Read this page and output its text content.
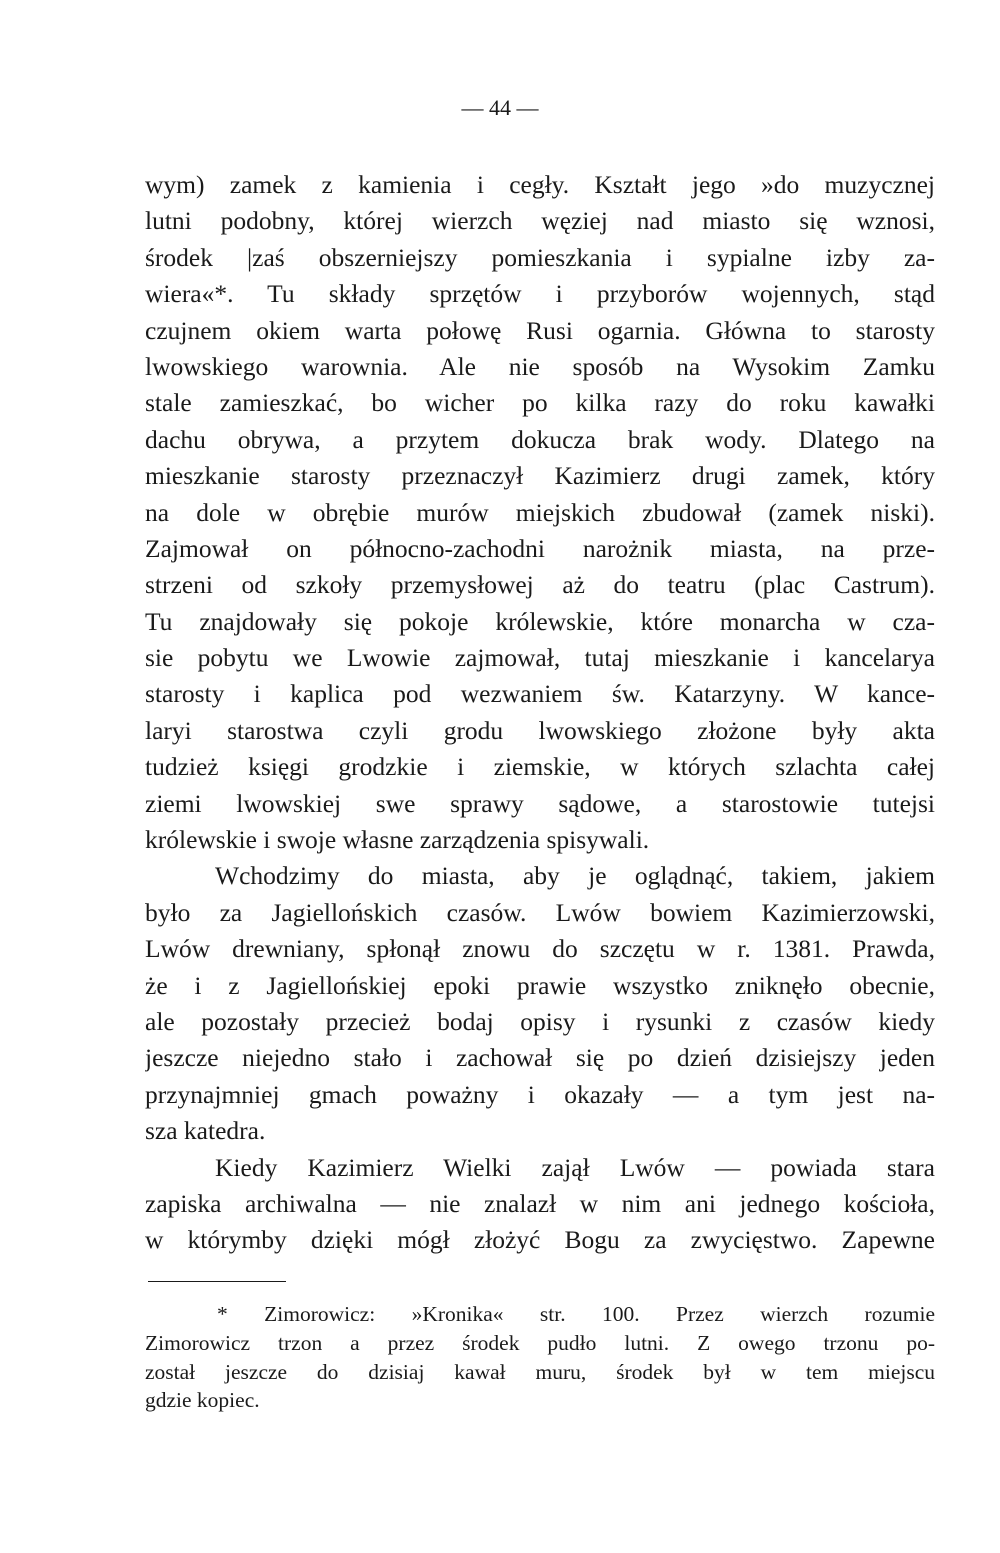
— 44 —
wym) zamek z kamienia i cegły. Kształt jego »do muzycznej
lutni podobny, której wierzch węziej nad miasto się wznosi,
środek |zaś obszerniejszy pomieszkania i sypialne izby za-
wiera«*. Tu składy sprzętów i przyborów wojennych, stąd
czujnem okiem warta połowę Rusi ogarnia. Główna to starosty
lwowskiego warownia. Ale nie sposób na Wysokim Zamku
stale zamieszkać, bo wicher po kilka razy do roku kawałki
dachu obrywa, a przytem dokucza brak wody. Dlatego na
mieszkanie starosty przeznaczył Kazimierz drugi zamek, który
na dole w obrębie murów miejskich zbudował (zamek niski).
Zajmował on północno-zachodni narożnik miasta, na prze-
strzeni od szkoły przemysłowej aż do teatru (plac Castrum).
Tu znajdowały się pokoje królewskie, które monarcha w cza-
sie pobytu we Lwowie zajmował, tutaj mieszkanie i kancelarya
starosty i kaplica pod wezwaniem św. Katarzyny. W kance-
laryi starostwa czyli grodu lwowskiego złożone były akta
tudzież księgi grodzkie i ziemskie, w których szlachta całej
ziemi lwowskiej swe sprawy sądowe, a starostowie tutejsi
królewskie i swoje własne zarządzenia spisywali.
Wchodzimy do miasta, aby je oglądnąć, takiem, jakiem
było za Jagiellońskich czasów. Lwów bowiem Kazimierzowski,
Lwów drewniany, spłonął znowu do szczętu w r. 1381. Prawda,
że i z Jagiellońskiej epoki prawie wszystko zniknęło obecnie,
ale pozostały przecież bodaj opisy i rysunki z czasów kiedy
jeszcze niejedno stało i zachował się po dzień dzisiejszy jeden
przynajmniej gmach poważny i okazały — a tym jest na-
sza katedra.
Kiedy Kazimierz Wielki zajął Lwów — powiada stara
zapiska archiwalna — nie znalazł w nim ani jednego kościoła,
w którymby dzięki mógł złożyć Bogu za zwycięstwo. Zapewne
* Zimorowicz: »Kronika« str. 100. Przez wierzch rozumie
Zimorowicz trzon a przez środek pudło lutni. Z owego trzonu po-
został jeszcze do dzisiaj kawał muru, środek był w tem miejscu
gdzie kopiec.
